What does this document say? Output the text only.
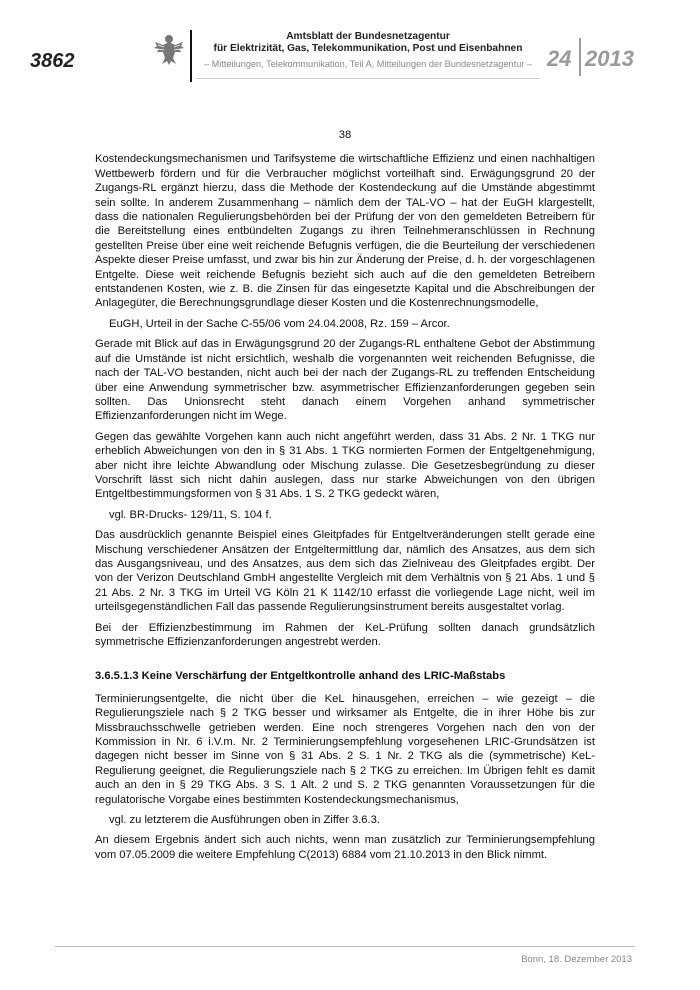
3862
Amtsblatt der Bundesnetzagentur
für Elektrizität, Gas, Telekommunikation, Post und Eisenbahnen
– Mitteilungen, Telekommunikation, Teil A, Mitteilungen der Bundesnetzagentur – 24 2013

38

Kostendeckungsmechanismen und Tarifsysteme die wirtschaftliche Effizienz und einen nachhaltigen Wettbewerb fördern und für die Verbraucher möglichst vorteilhaft sind. Erwägungsgrund 20 der Zugangs-RL ergänzt hierzu, dass die Methode der Kostendeckung auf die Umstände abgestimmt sein sollte. In anderem Zusammenhang – nämlich dem der TAL-VO – hat der EuGH klargestellt, dass die nationalen Regulierungsbehörden bei der Prüfung der von den gemeldeten Betreibern für die Bereitstellung eines entbündelten Zugangs zu ihren Teilnehmeranschlüssen in Rechnung gestellten Preise über eine weit reichende Befugnis verfügen, die die Beurteilung der verschiedenen Aspekte dieser Preise umfasst, und zwar bis hin zur Änderung der Preise, d. h. der vorgeschlagenen Entgelte. Diese weit reichende Befugnis bezieht sich auch auf die den gemeldeten Betreibern entstandenen Kosten, wie z. B. die Zinsen für das eingesetzte Kapital und die Abschreibungen der Anlagegüter, die Berechnungsgrundlage dieser Kosten und die Kostenrechnungsmodelle,

EuGH, Urteil in der Sache C-55/06 vom 24.04.2008, Rz. 159 – Arcor.

Gerade mit Blick auf das in Erwägungsgrund 20 der Zugangs-RL enthaltene Gebot der Abstimmung auf die Umstände ist nicht ersichtlich, weshalb die vorgenannten weit reichenden Befugnisse, die nach der TAL-VO bestanden, nicht auch bei der nach der Zugangs-RL zu treffenden Entscheidung über eine Anwendung symmetrischer bzw. asymmetrischer Effizienzanforderungen gegeben sein sollten. Das Unionsrecht steht danach einem Vorgehen anhand symmetrischer Effizienzanforderungen nicht im Wege.

Gegen das gewählte Vorgehen kann auch nicht angeführt werden, dass 31 Abs. 2 Nr. 1 TKG nur erheblich Abweichungen von den in § 31 Abs. 1 TKG normierten Formen der Entgeltgenehmigung, aber nicht ihre leichte Abwandlung oder Mischung zulasse. Die Gesetzesbegründung zu dieser Vorschrift lässt sich nicht dahin auslegen, dass nur starke Abweichungen von den übrigen Entgeltbestimmungsformen von § 31 Abs. 1 S. 2 TKG gedeckt wären,

vgl. BR-Drucks- 129/11, S. 104 f.

Das ausdrücklich genannte Beispiel eines Gleitpfades für Entgeltveränderungen stellt gerade eine Mischung verschiedener Ansätzen der Entgeltermittlung dar, nämlich des Ansatzes, aus dem sich das Ausgangsniveau, und des Ansatzes, aus dem sich das Zielniveau des Gleitpfades ergibt. Der von der Verizon Deutschland GmbH angestellte Vergleich mit dem Verhältnis von § 21 Abs. 1 und § 21 Abs. 2 Nr. 3 TKG im Urteil VG Köln 21 K 1142/10 erfasst die vorliegende Lage nicht, weil im urteilsgegenständlichen Fall das passende Regulierungsinstrument bereits ausgestaltet vorlag.

Bei der Effizienzbestimmung im Rahmen der KeL-Prüfung sollten danach grundsätzlich symmetrische Effizienzanforderungen angestrebt werden.

3.6.5.1.3 Keine Verschärfung der Entgeltkontrolle anhand des LRIC-Maßstabs

Terminierungsentgelte, die nicht über die KeL hinausgehen, erreichen – wie gezeigt – die Regulierungsziele nach § 2 TKG besser und wirksamer als Entgelte, die in ihrer Höhe bis zur Missbrauchsschwelle getrieben werden. Eine noch strengeres Vorgehen nach den von der Kommission in Nr. 6 i.V.m. Nr. 2 Terminierungsempfehlung vorgesehenen LRIC-Grundsätzen ist dagegen nicht besser im Sinne von § 31 Abs. 2 S. 1 Nr. 2 TKG als die (symmetrische) KeL-Regulierung geeignet, die Regulierungsziele nach § 2 TKG zu erreichen. Im Übrigen fehlt es damit auch an den in § 29 TKG Abs. 3 S. 1 Alt. 2 und S. 2 TKG genannten Voraussetzungen für die regulatorische Vorgabe eines bestimmten Kostendeckungsmechanismus,

vgl. zu letzterem die Ausführungen oben in Ziffer 3.6.3.

An diesem Ergebnis ändert sich auch nichts, wenn man zusätzlich zur Terminierungsempfehlung vom 07.05.2009 die weitere Empfehlung C(2013) 6884 vom 21.10.2013 in den Blick nimmt.

Bonn, 18. Dezember 2013
